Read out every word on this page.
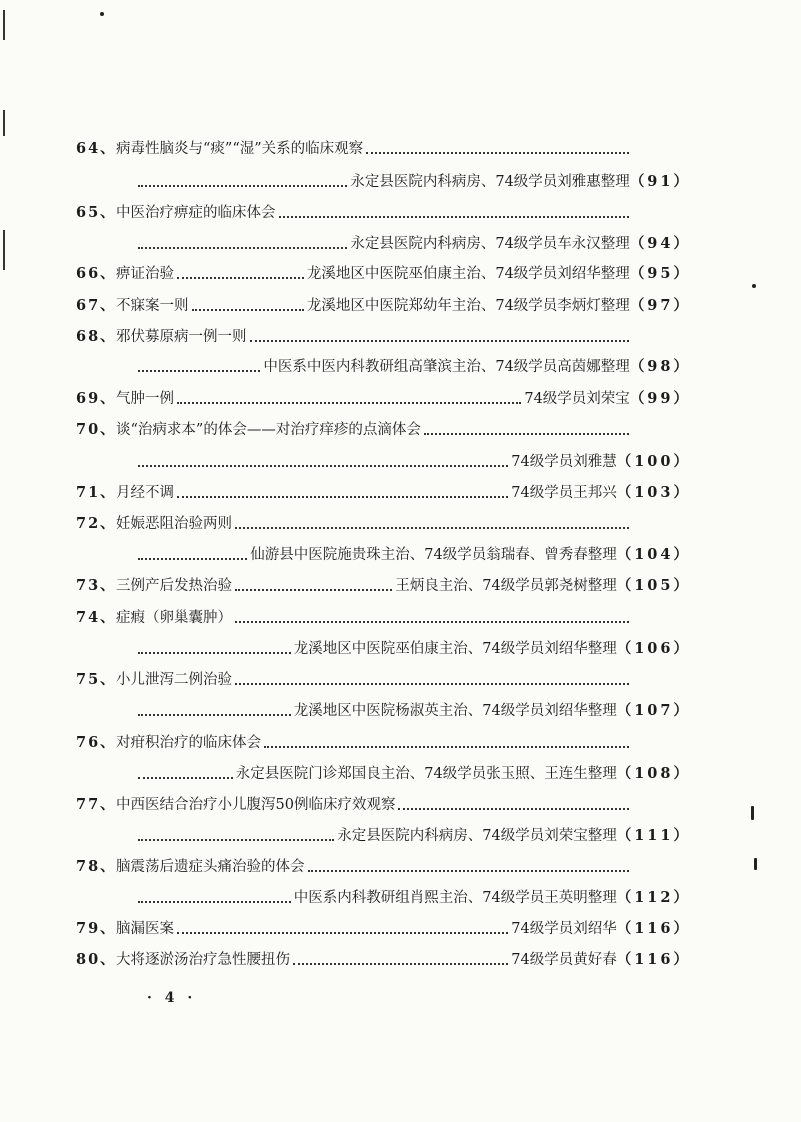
64、 病毒性脑炎与“痰”“湿”关系的临床观察
永定县医院内科病房、74级学员刘雅惠整理 （91）
65、 中医治疗痹症的临床体会
永定县医院内科病房、74级学员车永汉整理 （94）
66、 痹证治验	龙溪地区中医院巫伯康主治、74级学员刘绍华整理 （95）
67、 不寐案一则	龙溪地区中医院郑幼年主治、74级学员李炳灯整理 （97）
68、 邪伏募原病一例一则
中医系中医内科教研组高肇滨主治、74级学员高茵娜整理 （98）
69、 气肿一例	74级学员刘荣宝 （99）
70、 谈“治病求本”的体会——对治疗痒疹的点滴体会
74级学员刘雅慧 （100）
71、 月经不调	74级学员王邦兴 （103）
72、 妊娠恶阻治验两则
仙游县中医院施贵珠主治、74级学员翁瑞春、曾秀春整理 （104）
73、 三例产后发热治验	王炳良主治、74级学员郭尧树整理 （105）
74、 症瘕（卵巢囊肿）
龙溪地区中医院巫伯康主治、74级学员刘绍华整理 （106）
75、 小儿泄泻二例治验
龙溪地区中医院杨淑英主治、74级学员刘绍华整理 （107）
76、 对疳积治疗的临床体会
永定县医院门诊郑国良主治、74级学员张玉照、王连生整理 （108）
77、 中西医结合治疗小儿腹泻50例临床疗效观察
永定县医院内科病房、74级学员刘荣宝整理 （111）
78、 脑震荡后遗症头痛治验的体会
中医系内科教研组肖熙主治、74级学员王英明整理 （112）
79、 脑漏医案	74级学员刘绍华 （116）
80、 大将逐淤汤治疗急性腰扭伤	74级学员黄好春 （116）
· 4 ·
